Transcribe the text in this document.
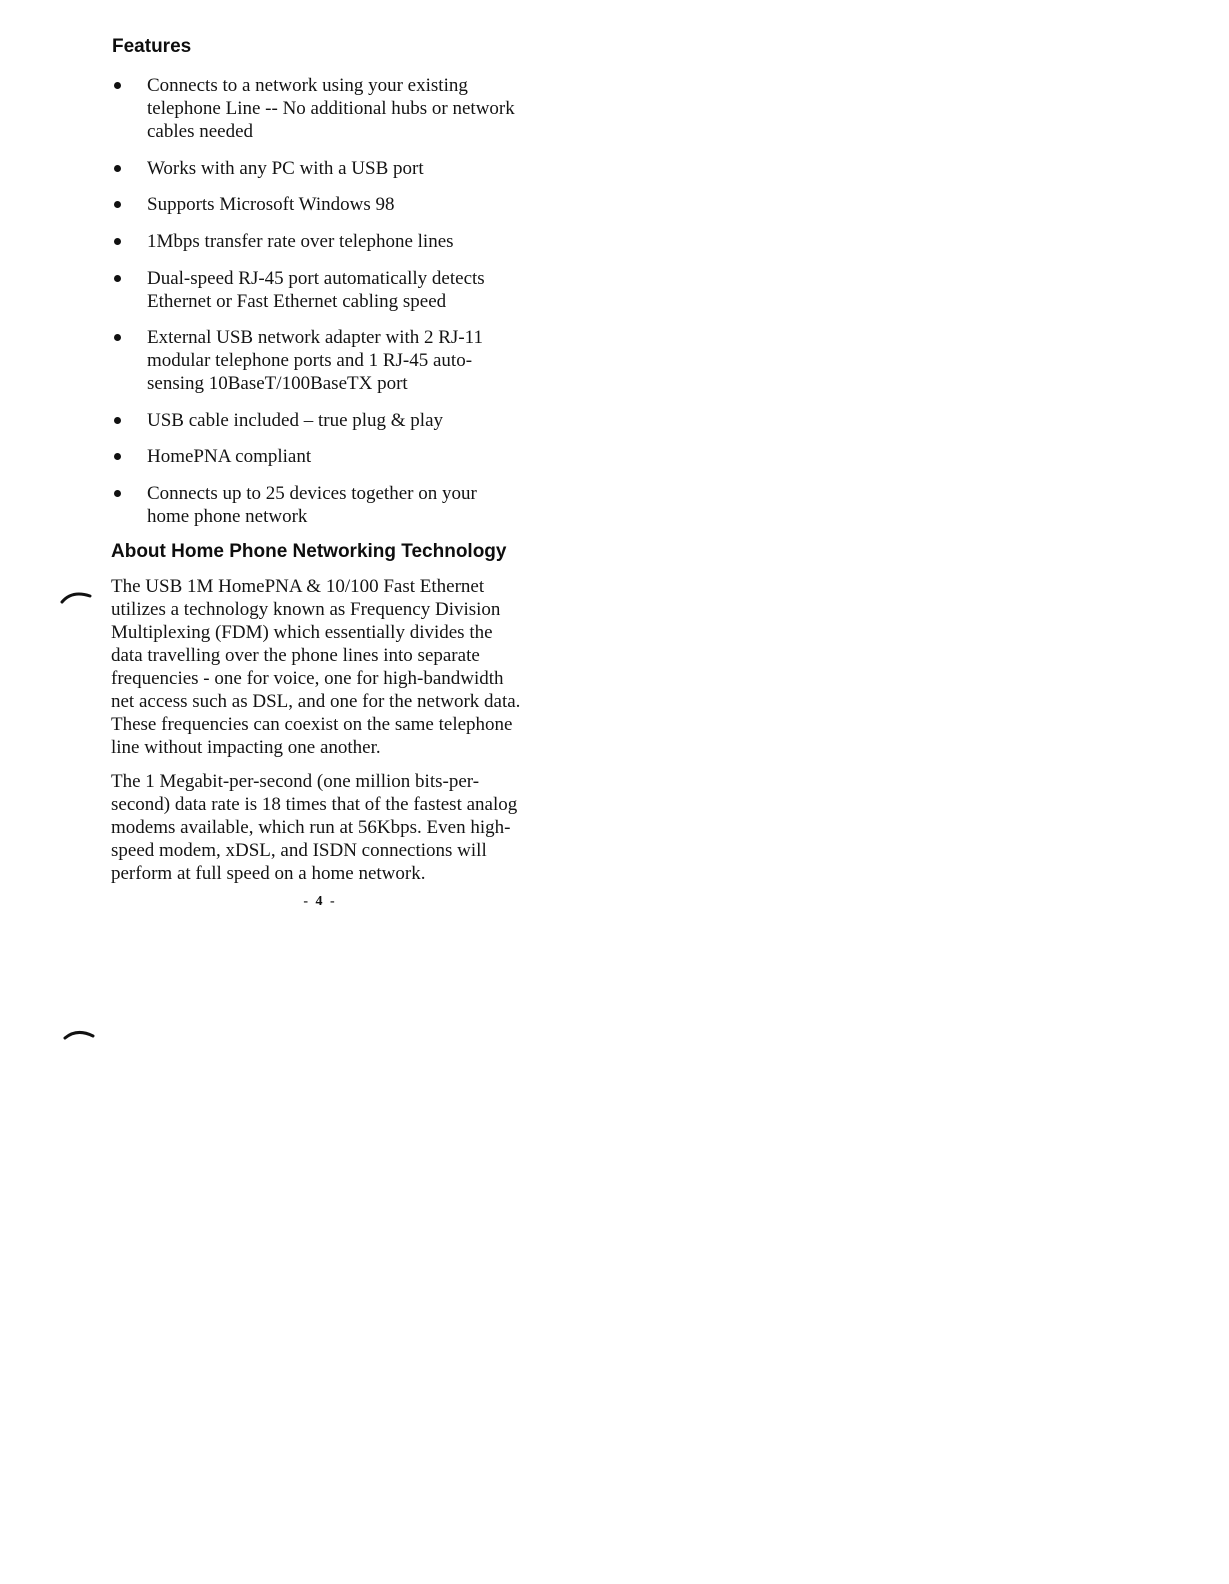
Features
Connects to a network using your existing
telephone Line -- No additional hubs or network
cables needed
Works with any PC with a USB port
Supports Microsoft Windows 98
1Mbps transfer rate over telephone lines
Dual-speed RJ-45 port automatically detects
Ethernet or Fast Ethernet cabling speed
External USB network adapter with 2 RJ-11
modular telephone ports and 1 RJ-45 auto-
sensing 10BaseT/100BaseTX port
USB cable included – true plug & play
HomePNA compliant
Connects up to 25 devices together on your
home phone network
About Home Phone Networking Technology

The USB 1M HomePNA & 10/100 Fast Ethernet
utilizes a technology known as Frequency Division
Multiplexing (FDM) which essentially divides the
data travelling over the phone lines into separate
frequencies - one for voice, one for high-bandwidth
net access such as DSL, and one for the network data.
These frequencies can coexist on the same telephone
line without impacting one another.

The 1 Megabit-per-second (one million bits-per-
second) data rate is 18 times that of the fastest analog
modems available, which run at 56Kbps. Even high-
speed modem, xDSL, and ISDN connections will
perform at full speed on a home network.

- 4 -
